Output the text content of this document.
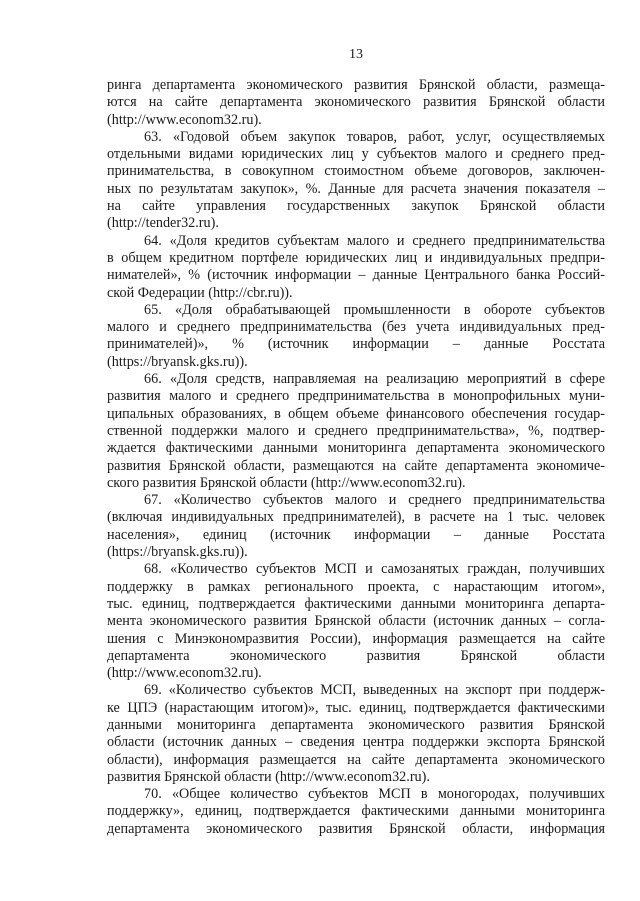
13
ринга департамента экономического развития Брянской области, размеща-
ются на сайте департамента экономического развития Брянской области
(http://www.econom32.ru).
63. «Годовой объем закупок товаров, работ, услуг, осуществляемых
отдельными видами юридических лиц у субъектов малого и среднего пред-
принимательства, в совокупном стоимостном объеме договоров, заключен-
ных по результатам закупок», %. Данные для расчета значения показателя –
на сайте управления государственных закупок Брянской области
(http://tender32.ru).
64. «Доля кредитов субъектам малого и среднего предпринимательства
в общем кредитном портфеле юридических лиц и индивидуальных предпри-
нимателей», % (источник информации – данные Центрального банка Россий-
ской Федерации (http://cbr.ru)).
65. «Доля обрабатывающей промышленности в обороте субъектов
малого и среднего предпринимательства (без учета индивидуальных пред-
принимателей)», % (источник информации – данные Росстата
(https://bryansk.gks.ru)).
66. «Доля средств, направляемая на реализацию мероприятий в сфере
развития малого и среднего предпринимательства в монопрофильных муни-
ципальных образованиях, в общем объеме финансового обеспечения государ-
ственной поддержки малого и среднего предпринимательства», %, подтвер-
ждается фактическими данными мониторинга департамента экономического
развития Брянской области, размещаются на сайте департамента экономиче-
ского развития Брянской области (http://www.econom32.ru).
67. «Количество субъектов малого и среднего предпринимательства
(включая индивидуальных предпринимателей), в расчете на 1 тыс. человек
населения», единиц (источник информации – данные Росстата
(https://bryansk.gks.ru)).
68. «Количество субъектов МСП и самозанятых граждан, получивших
поддержку в рамках регионального проекта, с нарастающим итогом»,
тыс. единиц, подтверждается фактическими данными мониторинга департа-
мента экономического развития Брянской области (источник данных – согла-
шения с Минэкономразвития России), информация размещается на сайте
департамента экономического развития Брянской области
(http://www.econom32.ru).
69. «Количество субъектов МСП, выведенных на экспорт при поддерж-
ке ЦПЭ (нарастающим итогом)», тыс. единиц, подтверждается фактическими
данными мониторинга департамента экономического развития Брянской
области (источник данных – сведения центра поддержки экспорта Брянской
области), информация размещается на сайте департамента экономического
развития Брянской области (http://www.econom32.ru).
70. «Общее количество субъектов МСП в моногородах, получивших
поддержку», единиц, подтверждается фактическими данными мониторинга
департамента экономического развития Брянской области, информация
